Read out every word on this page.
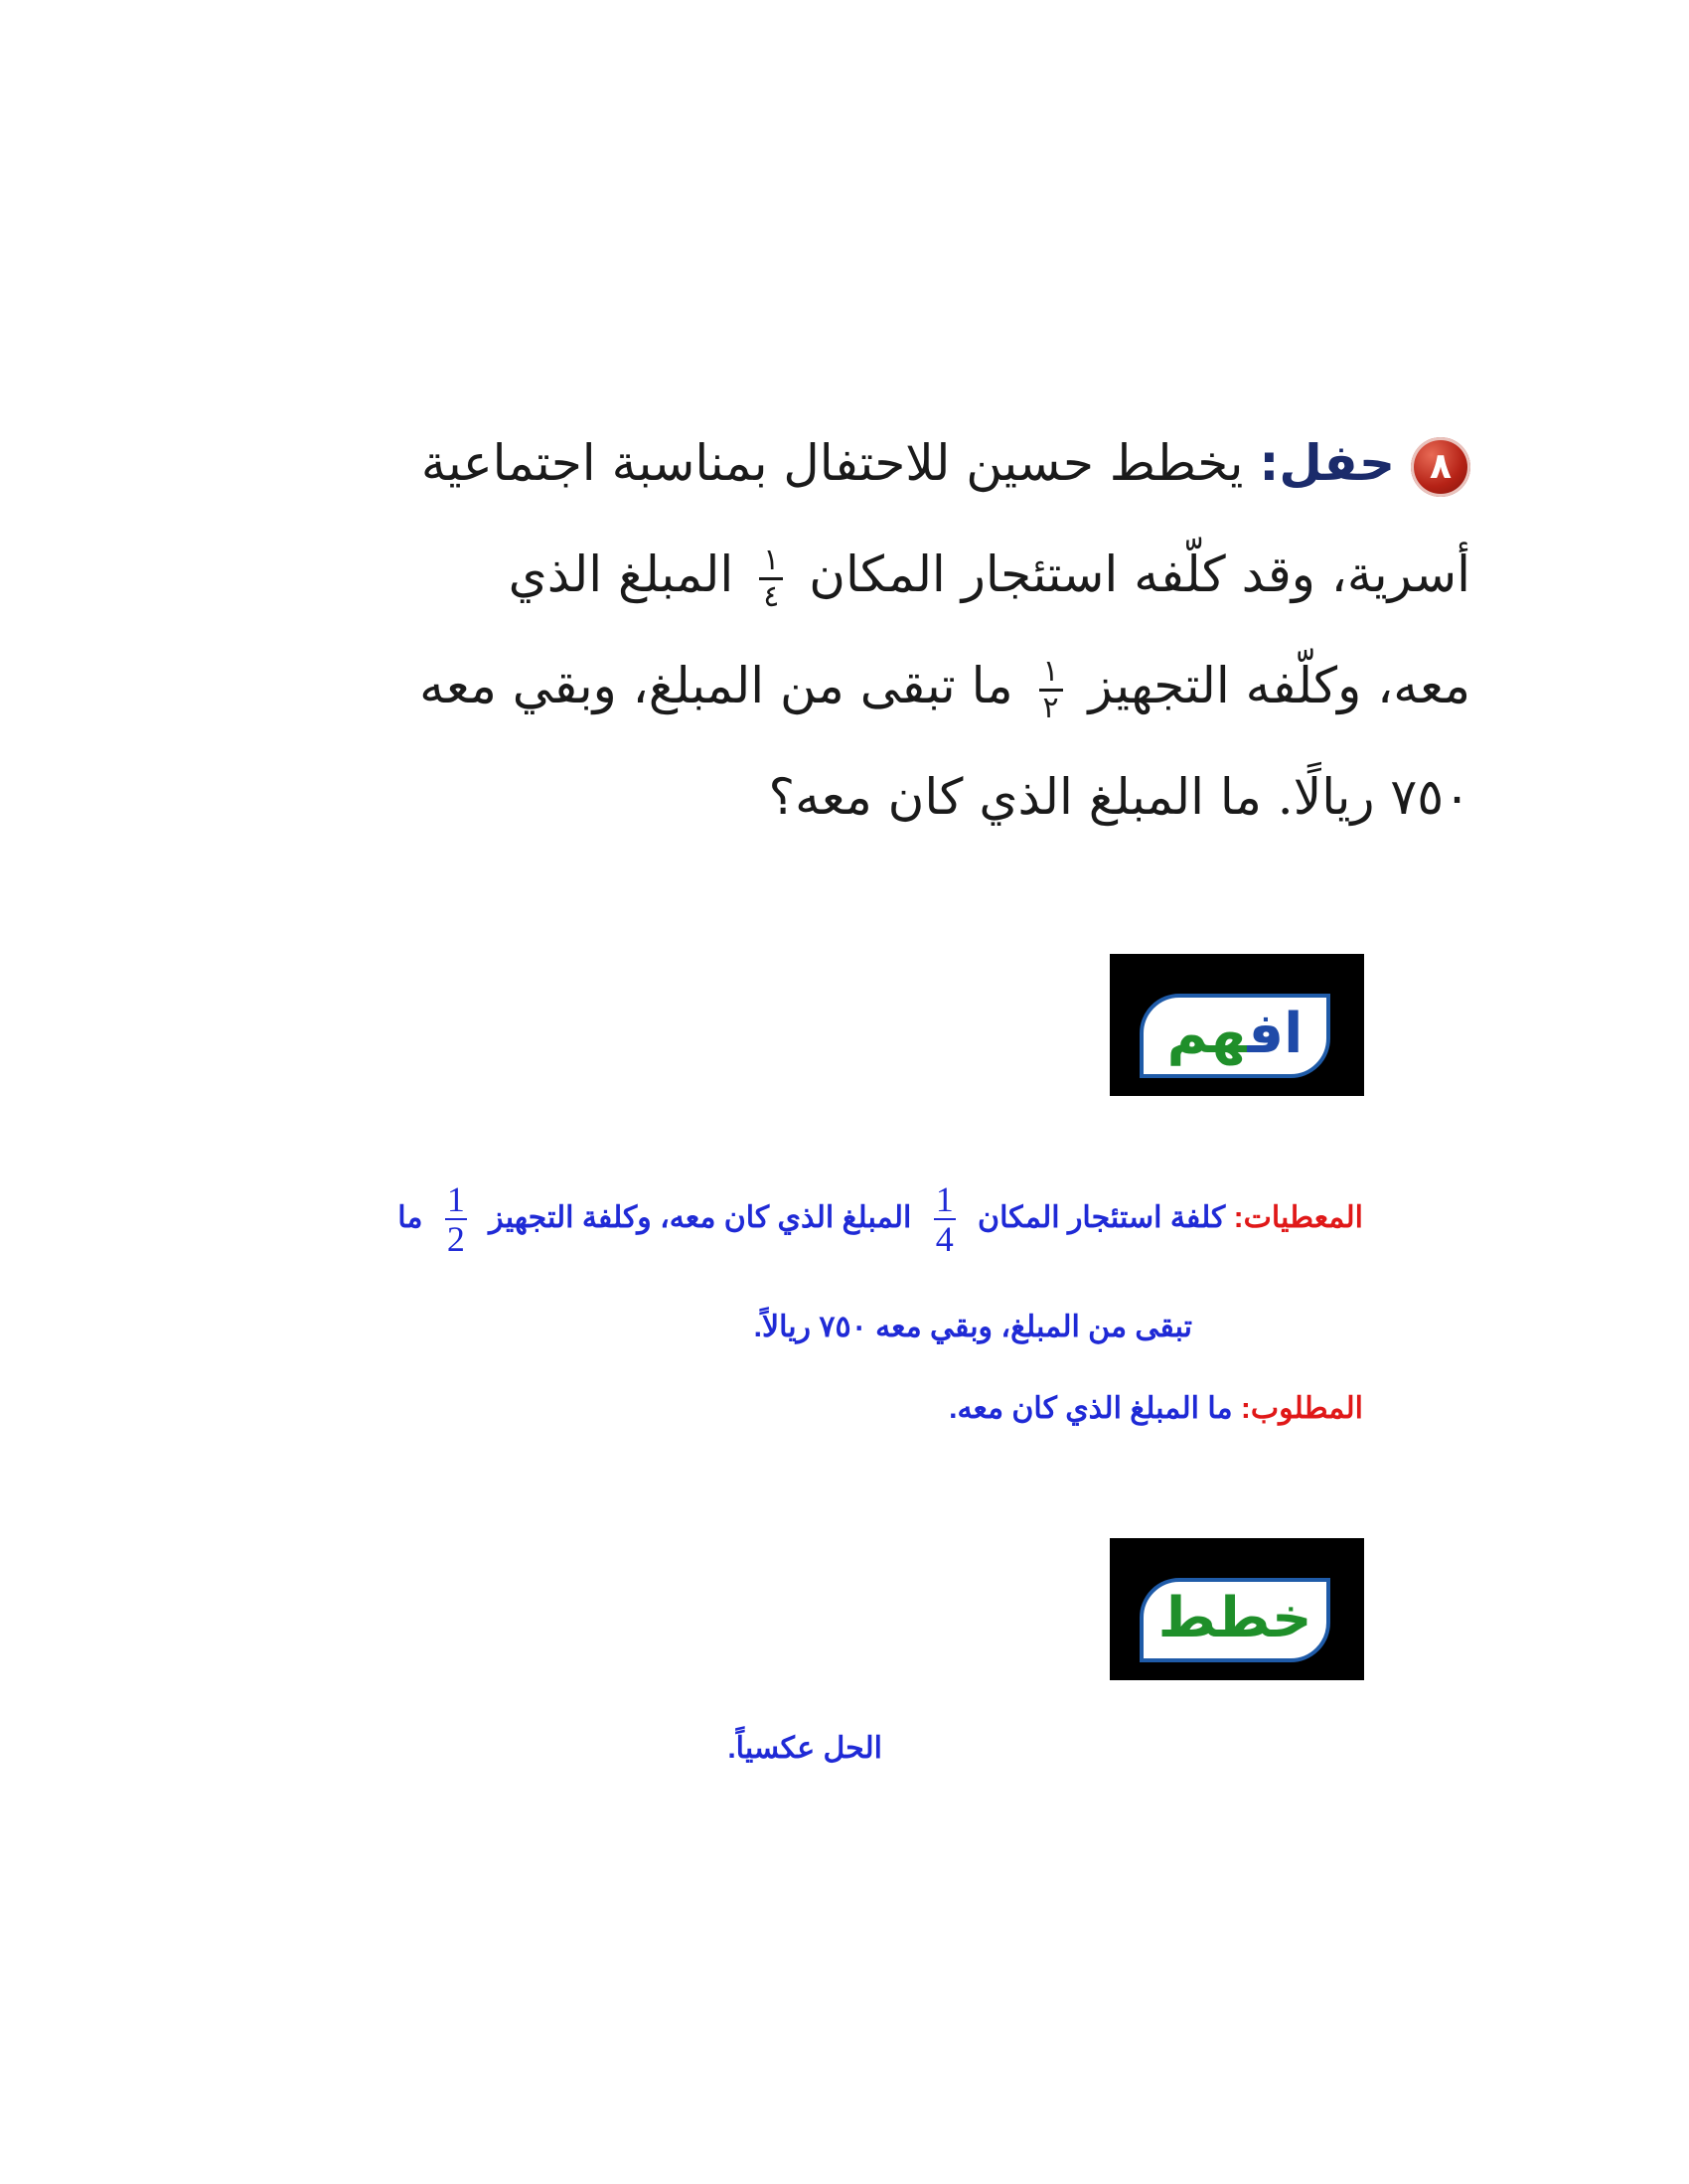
٨حفل: يخطط حسين للاحتفال بمناسبة اجتماعية
أسرية، وقد كلّفه استئجار المكان
$\frac{١}{٤}$
المبلغ الذي
معه، وكلّفه التجهيز
$\frac{١}{٢}$
ما تبقى من المبلغ، وبقي معه
٧٥٠ ريالًا. ما المبلغ الذي كان معه؟
افهم
المعطيات: كلفة استئجار المكان
$\frac{1}{4}$
المبلغ الذي كان معه، وكلفة التجهيز
$\frac{1}{2}$
ما
تبقى من المبلغ، وبقي معه ٧٥٠ ريالاً.
المطلوب: ما المبلغ الذي كان معه.
خطط
الحل عكسياً.
